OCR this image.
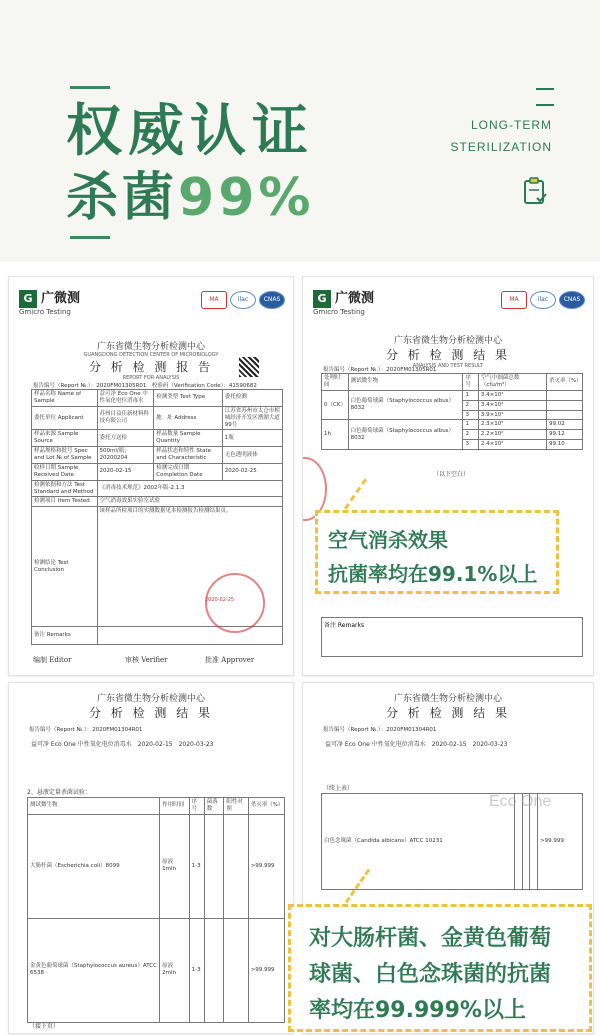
权威认证
杀菌99%
LONG-TERM
STERILIZATION
G 广微测
Gmicro Testing
MA	ilac	CNAS
广东省微生物分析检测中心
GUANGDONG DETECTION CENTER OF MICROBIOLOGY
分 析 检 测 报 告
REPORT FOR ANALYSIS
报告编号（Report №.）：2020FM01305R01　校验码（Verification Code）：41590682
样品名称 Name of Sample	益可净 Eco One 中性氧化电位消毒水	检测类型 Test Type	委托检测
委托单位 Applicant	苏州目益佳新材料科技有限公司	地　址 Address	江苏省苏州市太仓市相城经济开发区漕湖大道99号
样品来源 Sample Source	委托方送检	样品数量 Sample Quantity	1瓶
样品规格和批号 Spec and Lot № of Sample	500ml/瓶；20200204	样品状态和特性 State and Characteristic	无色透明液体
收样日期 Sample Received Date	2020-02-15	检测完成日期 Completion Date	2020-02-25
检测依据和方法 Test Standard and Method	《消毒技术规范》2002年版-2.1.3		
检测项目 Item Tested	空气消毒效果实验室试验		
检测结论 Test Conclusion	该样品所检项目的实测数据见本检测报告检测结果页。		
备注 Remarks			
2020-02-25
编制 Editor	审核 Verifier	批准 Approver
G 广微测
Gmicro Testing
MA	ilac	CNAS
广东省微生物分析检测中心
分 析 检 测 结 果
ANALYSIS AND TEST RESULT
报告编号（Report №.）：2020FM01305R01
处理时间	测试微生物	序号	空气中细菌总数（cfu/m³）	杀灭率（%）
0（CK）	白色葡萄球菌（Staphylococcus albus）8032	1	3.4×10⁴	
		2	3.4×10⁴	
		3	3.9×10⁴	
1h	白色葡萄球菌（Staphylococcus albus）8032	1	2.3×10²	99.02
		2	2.2×10²	99.12
		3	2.4×10²	99.10
（以下空白）
备注 Remarks
广东省微生物分析检测中心
分 析 检 测 结 果
报告编号（Report №.）：2020FM01304R01
益可净 Eco One 中性氧化电位消毒水　 2020-02-15　 2020-03-23
2、悬液定量杀菌试验：
测试微生物	作用时间	序号	菌落数	阳性对照	杀灭率（%）
大肠杆菌（Escherichia coli）8099	原液 1min	1-3			>99.999
金黄色葡萄球菌（Staphylococcus aureus）ATCC 6538	原液 2min	1-3			>99.999
（接下页）
广东省微生物分析检测中心
分 析 检 测 结 果
报告编号（Report №.）：2020FM01304R01
益可净 Eco One 中性氧化电位消毒水　 2020-02-15　 2020-03-23
（续上表）
白色念珠菌（Candida albicans）ATCC 10231				>99.999
Eco One
空气消杀效果
抗菌率均在99.1%以上
对大肠杆菌、金黄色葡萄
球菌、白色念珠菌的抗菌
率均在99.999%以上
